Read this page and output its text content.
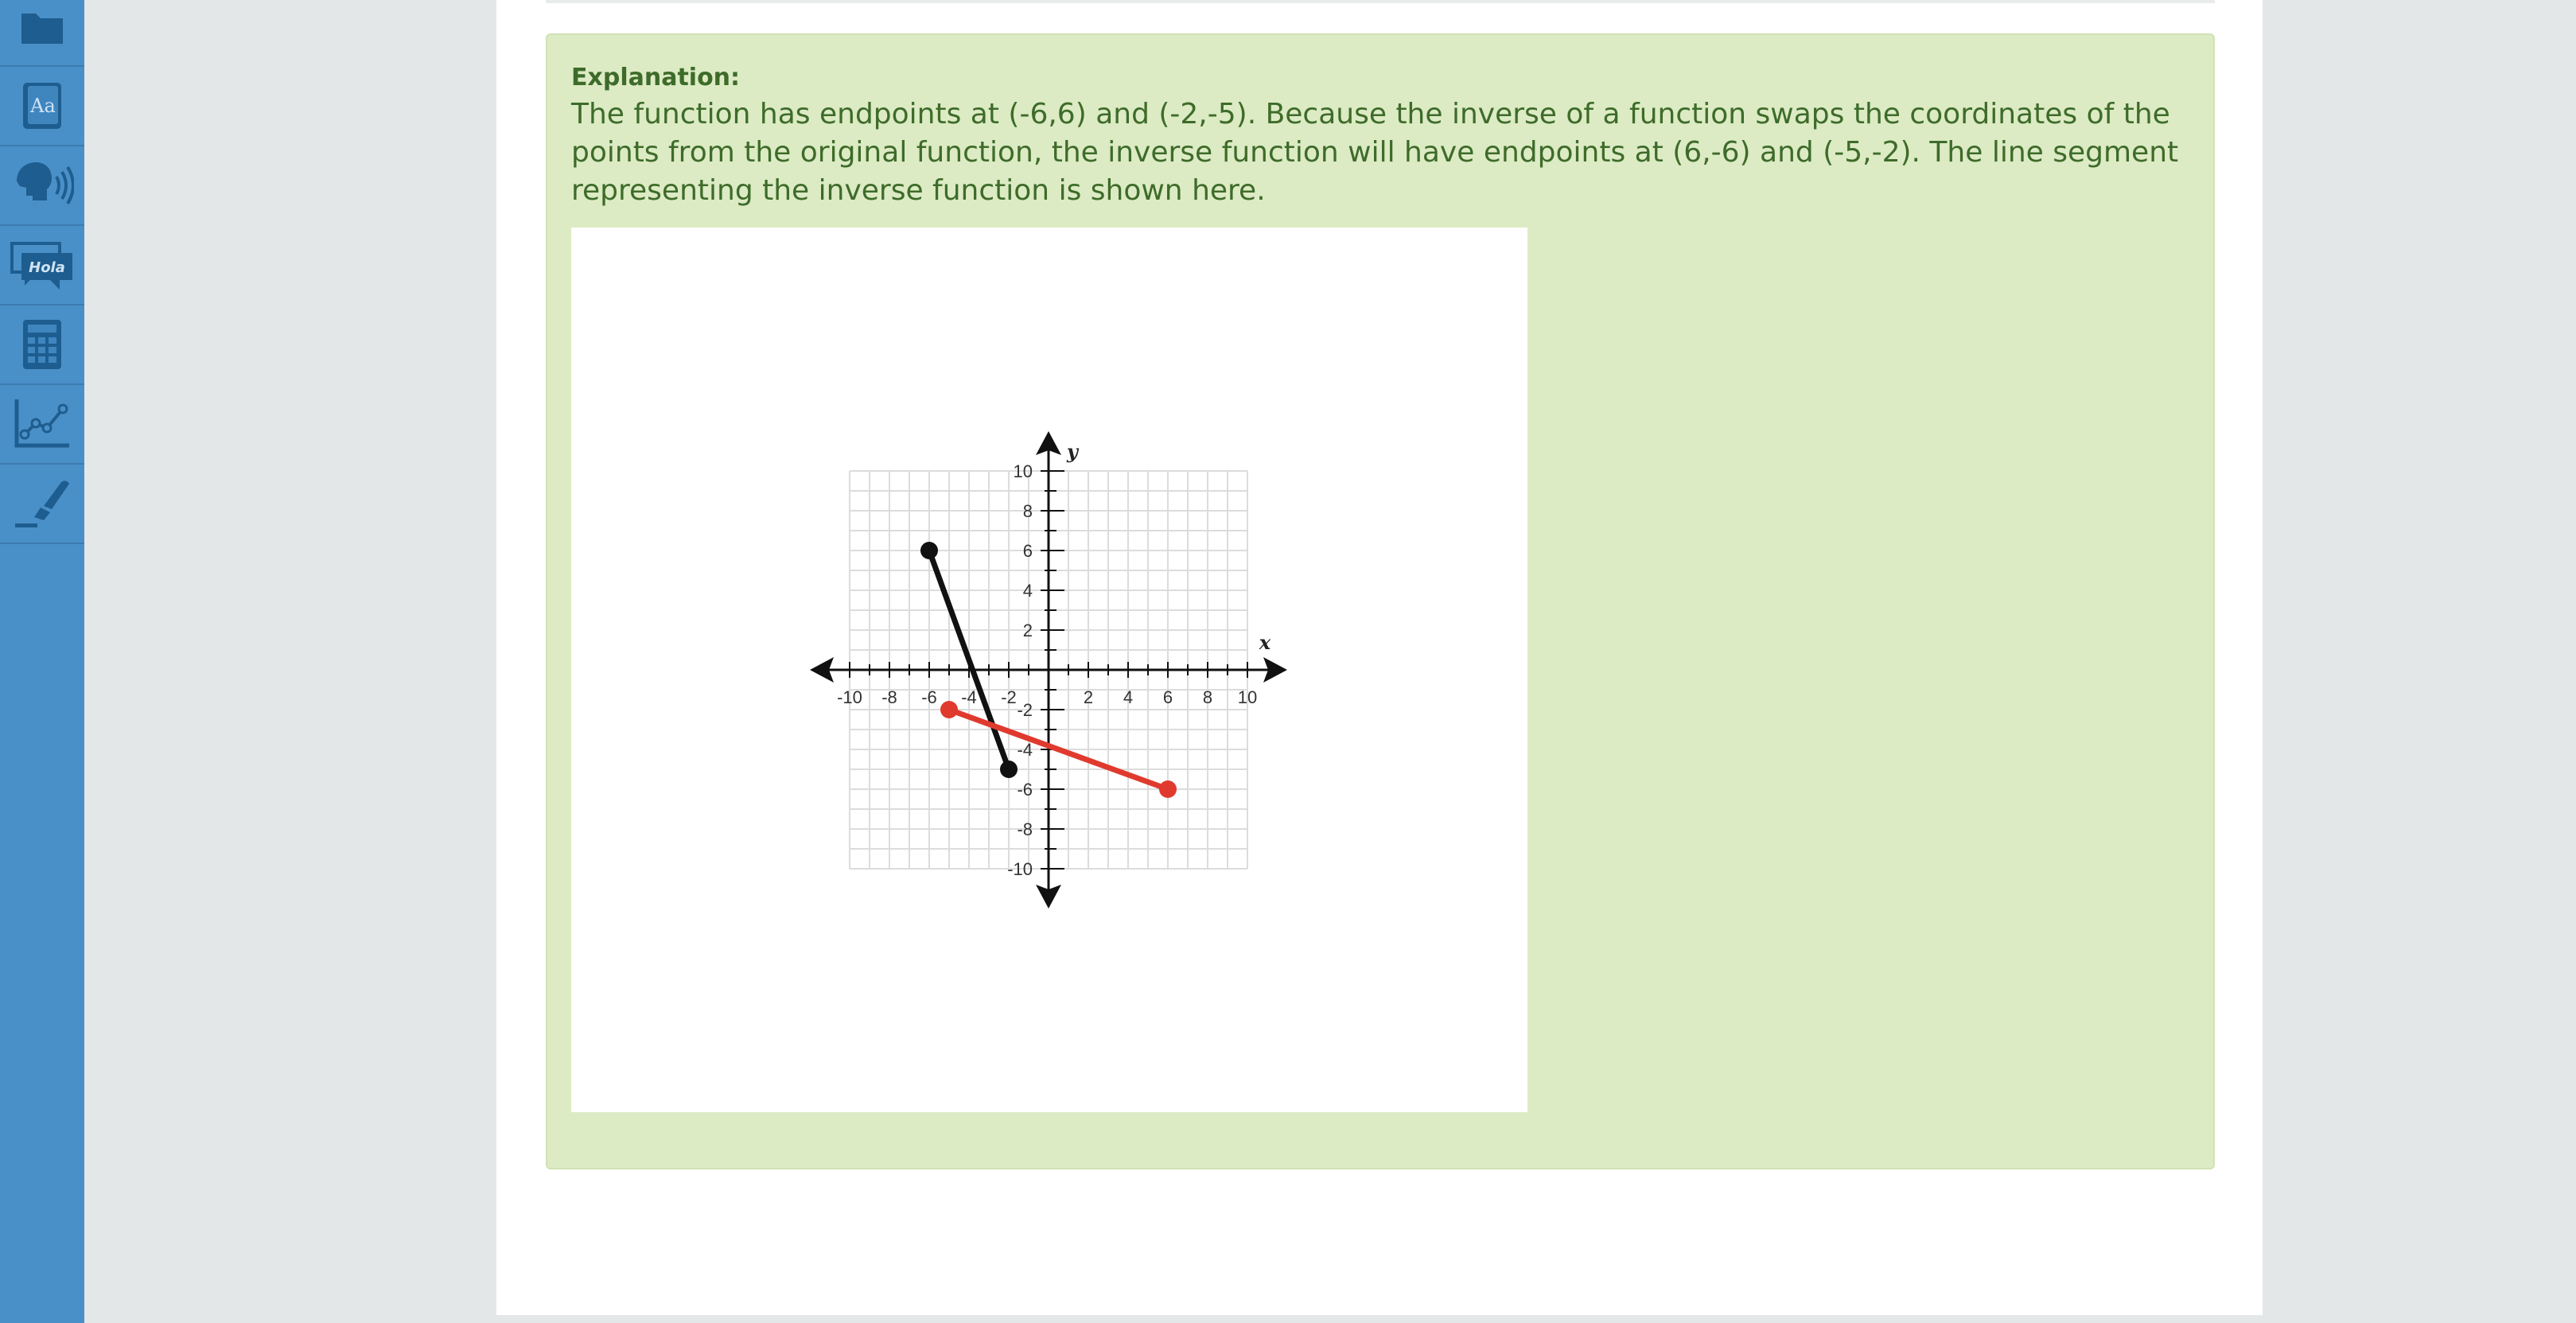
Aa
Hola
Explanation:
The function has endpoints at (-6,6) and (-2,-5). Because the inverse of a function swaps the coordinates of the points from the original function, the inverse function will have endpoints at (6,-6) and (-5,-2). The line segment representing the inverse function is shown here.
-10 -8 -6 -4 -2	2 4 6 8 10
10
8
6
4
2
-2
-4
-6
-8
-10
x
y
